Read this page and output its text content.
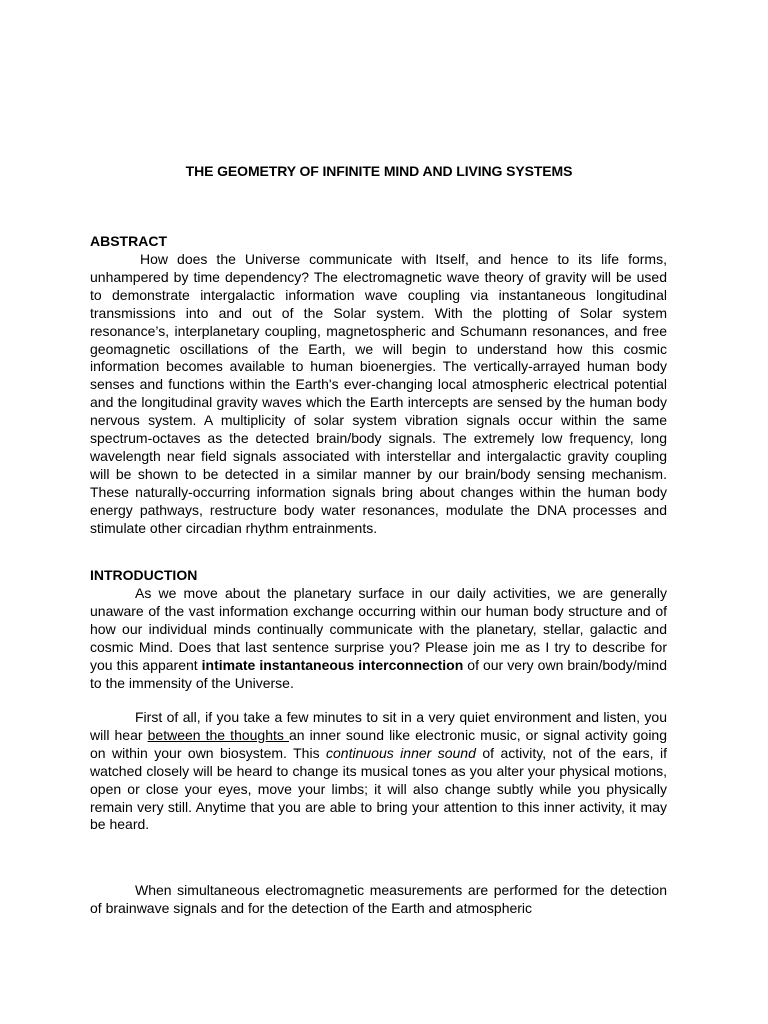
THE GEOMETRY OF INFINITE MIND AND LIVING SYSTEMS
ABSTRACT

How does the Universe communicate with Itself, and hence to its life forms, unhampered by time dependency? The electromagnetic wave theory of gravity will be used to demonstrate intergalactic information wave coupling via instantaneous longitudinal transmissions into and out of the Solar system. With the plotting of Solar system resonance’s, interplanetary coupling, magnetospheric and Schumann resonances, and free geomagnetic oscillations of the Earth, we will begin to understand how this cosmic information becomes available to human bioenergies. The vertically-arrayed human body senses and functions within the Earth's ever-changing local atmospheric electrical potential and the longitudinal gravity waves which the Earth intercepts are sensed by the human body nervous system. A multiplicity of solar system vibration signals occur within the same spectrum-octaves as the detected brain/body signals. The extremely low frequency, long wavelength near field signals associated with interstellar and intergalactic gravity coupling will be shown to be detected in a similar manner by our brain/body sensing mechanism. These naturally-occurring information signals bring about changes within the human body energy pathways, restructure body water resonances, modulate the DNA processes and stimulate other circadian rhythm entrainments.

INTRODUCTION

As we move about the planetary surface in our daily activities, we are generally unaware of the vast information exchange occurring within our human body structure and of how our individual minds continually communicate with the planetary, stellar, galactic and cosmic Mind. Does that last sentence surprise you? Please join me as I try to describe for you this apparent intimate instantaneous interconnection of our very own brain/body/mind to the immensity of the Universe.

First of all, if you take a few minutes to sit in a very quiet environment and listen, you will hear between the thoughts an inner sound like electronic music, or signal activity going on within your own biosystem. This continuous inner sound of activity, not of the ears, if watched closely will be heard to change its musical tones as you alter your physical motions, open or close your eyes, move your limbs; it will also change subtly while you physically remain very still. Anytime that you are able to bring your attention to this inner activity, it may be heard.

When simultaneous electromagnetic measurements are performed for the detection of brainwave signals and for the detection of the Earth and atmospheric
